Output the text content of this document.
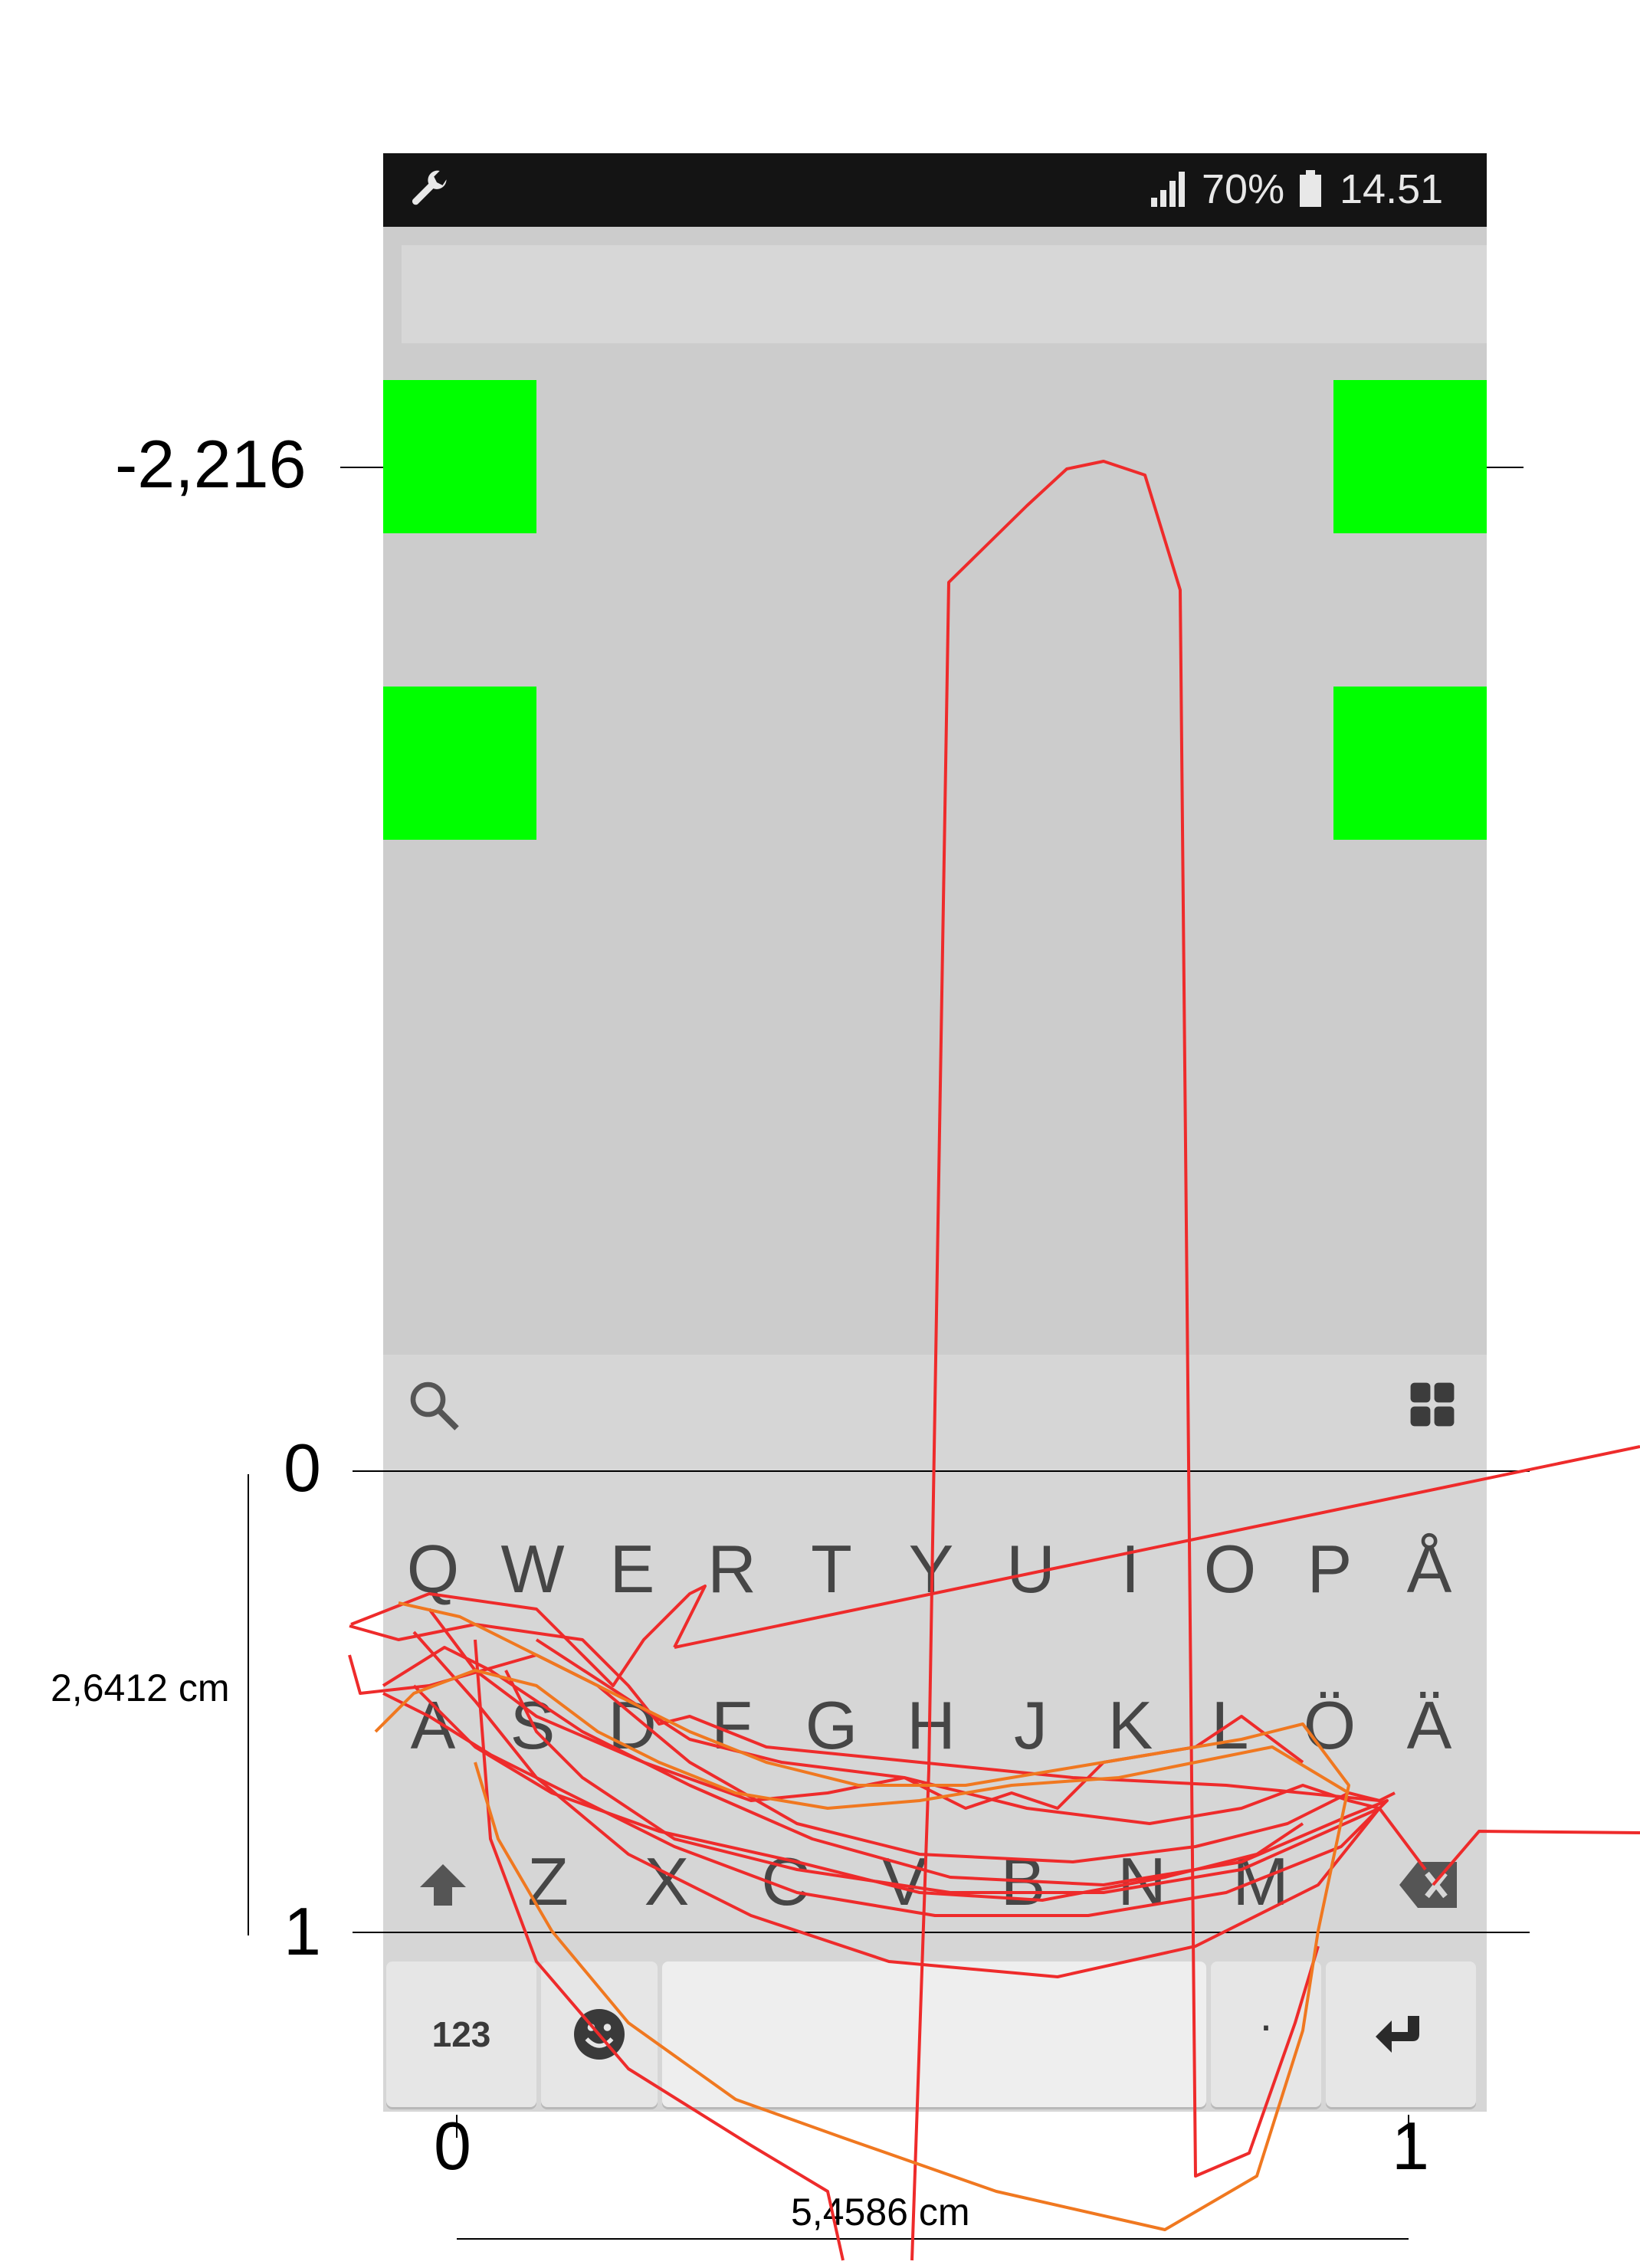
70% 14.51
Q W E R T Y U I O P Å
A S D F G H J K L Ö Ä
Z	X	C	V	B	N M
123	.
-2,216
0
1
2,6412 cm
0	1
5,4586 cm
